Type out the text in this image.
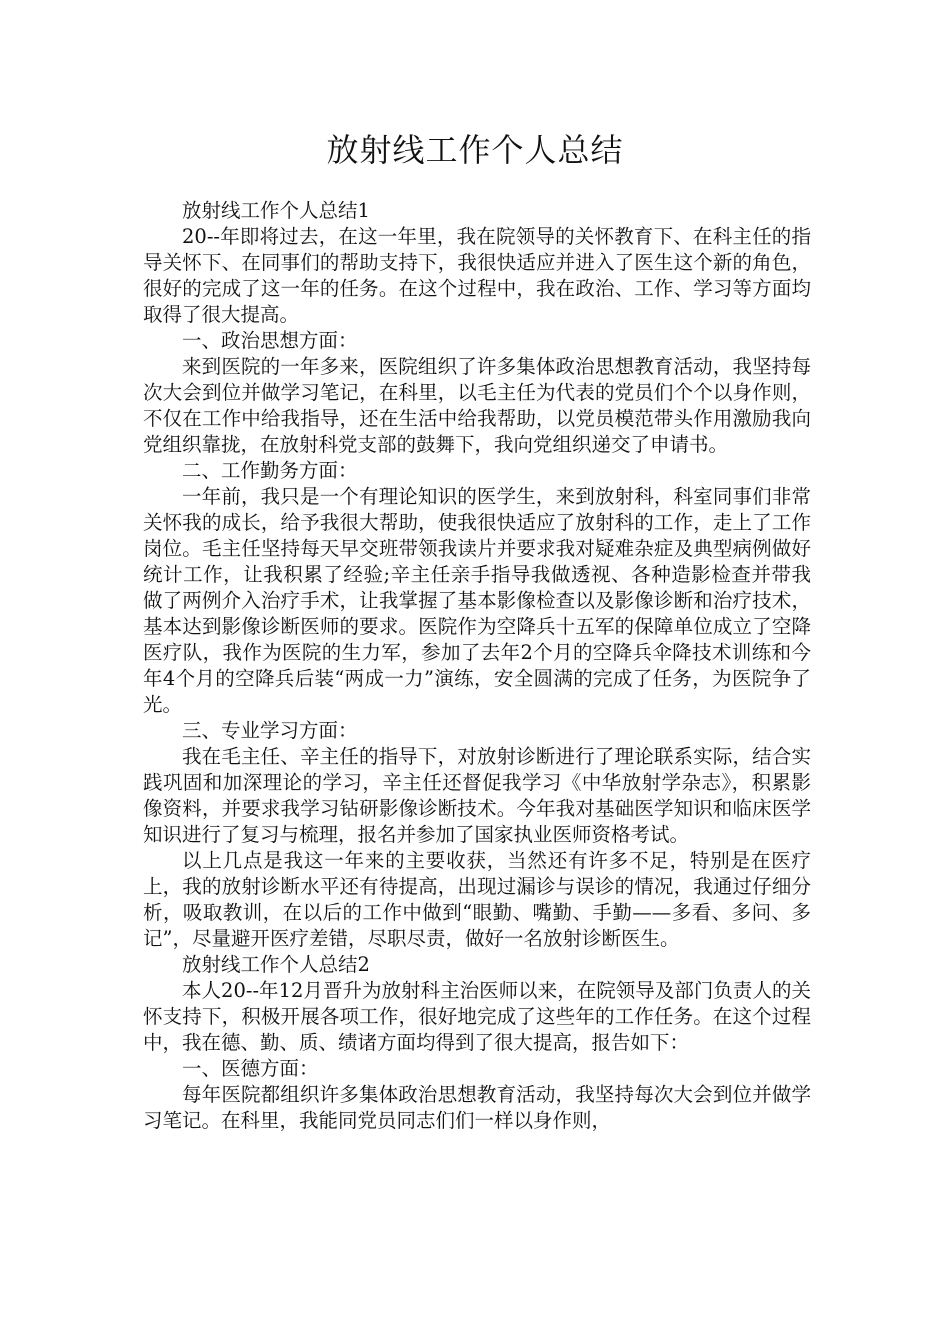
放射线工作个人总结

放射线工作个人总结1

20--年即将过去，在这一年里，我在院领导的关怀教育下、在科主任的指导关怀下、在同事们的帮助支持下，我很快适应并进入了医生这个新的角色，很好的完成了这一年的任务。在这个过程中，我在政治、工作、学习等方面均取得了很大提高。

一、政治思想方面：

来到医院的一年多来，医院组织了许多集体政治思想教育活动，我坚持每次大会到位并做学习笔记，在科里，以毛主任为代表的党员们个个以身作则，不仅在工作中给我指导，还在生活中给我帮助，以党员模范带头作用激励我向党组织靠拢，在放射科党支部的鼓舞下，我向党组织递交了申请书。

二、工作勤务方面：

一年前，我只是一个有理论知识的医学生，来到放射科，科室同事们非常关怀我的成长，给予我很大帮助，使我很快适应了放射科的工作，走上了工作岗位。毛主任坚持每天早交班带领我读片并要求我对疑难杂症及典型病例做好统计工作，让我积累了经验;辛主任亲手指导我做透视、各种造影检查并带我做了两例介入治疗手术，让我掌握了基本影像检查以及影像诊断和治疗技术，基本达到影像诊断医师的要求。医院作为空降兵十五军的保障单位成立了空降医疗队，我作为医院的生力军，参加了去年2个月的空降兵伞降技术训练和今年4个月的空降兵后装“两成一力”演练，安全圆满的完成了任务，为医院争了光。

三、专业学习方面：

我在毛主任、辛主任的指导下，对放射诊断进行了理论联系实际，结合实践巩固和加深理论的学习，辛主任还督促我学习《中华放射学杂志》，积累影像资料，并要求我学习钻研影像诊断技术。今年我对基础医学知识和临床医学知识进行了复习与梳理，报名并参加了国家执业医师资格考试。

以上几点是我这一年来的主要收获，当然还有许多不足，特别是在医疗上，我的放射诊断水平还有待提高，出现过漏诊与误诊的情况，我通过仔细分析，吸取教训，在以后的工作中做到“眼勤、嘴勤、手勤——多看、多问、多记”，尽量避开医疗差错，尽职尽责，做好一名放射诊断医生。

放射线工作个人总结2

本人20--年12月晋升为放射科主治医师以来，在院领导及部门负责人的关怀支持下，积极开展各项工作，很好地完成了这些年的工作任务。在这个过程中，我在德、勤、质、绩诸方面均得到了很大提高，报告如下：

一、医德方面：

每年医院都组织许多集体政治思想教育活动，我坚持每次大会到位并做学习笔记。在科里，我能同党员同志们们一样以身作则，
